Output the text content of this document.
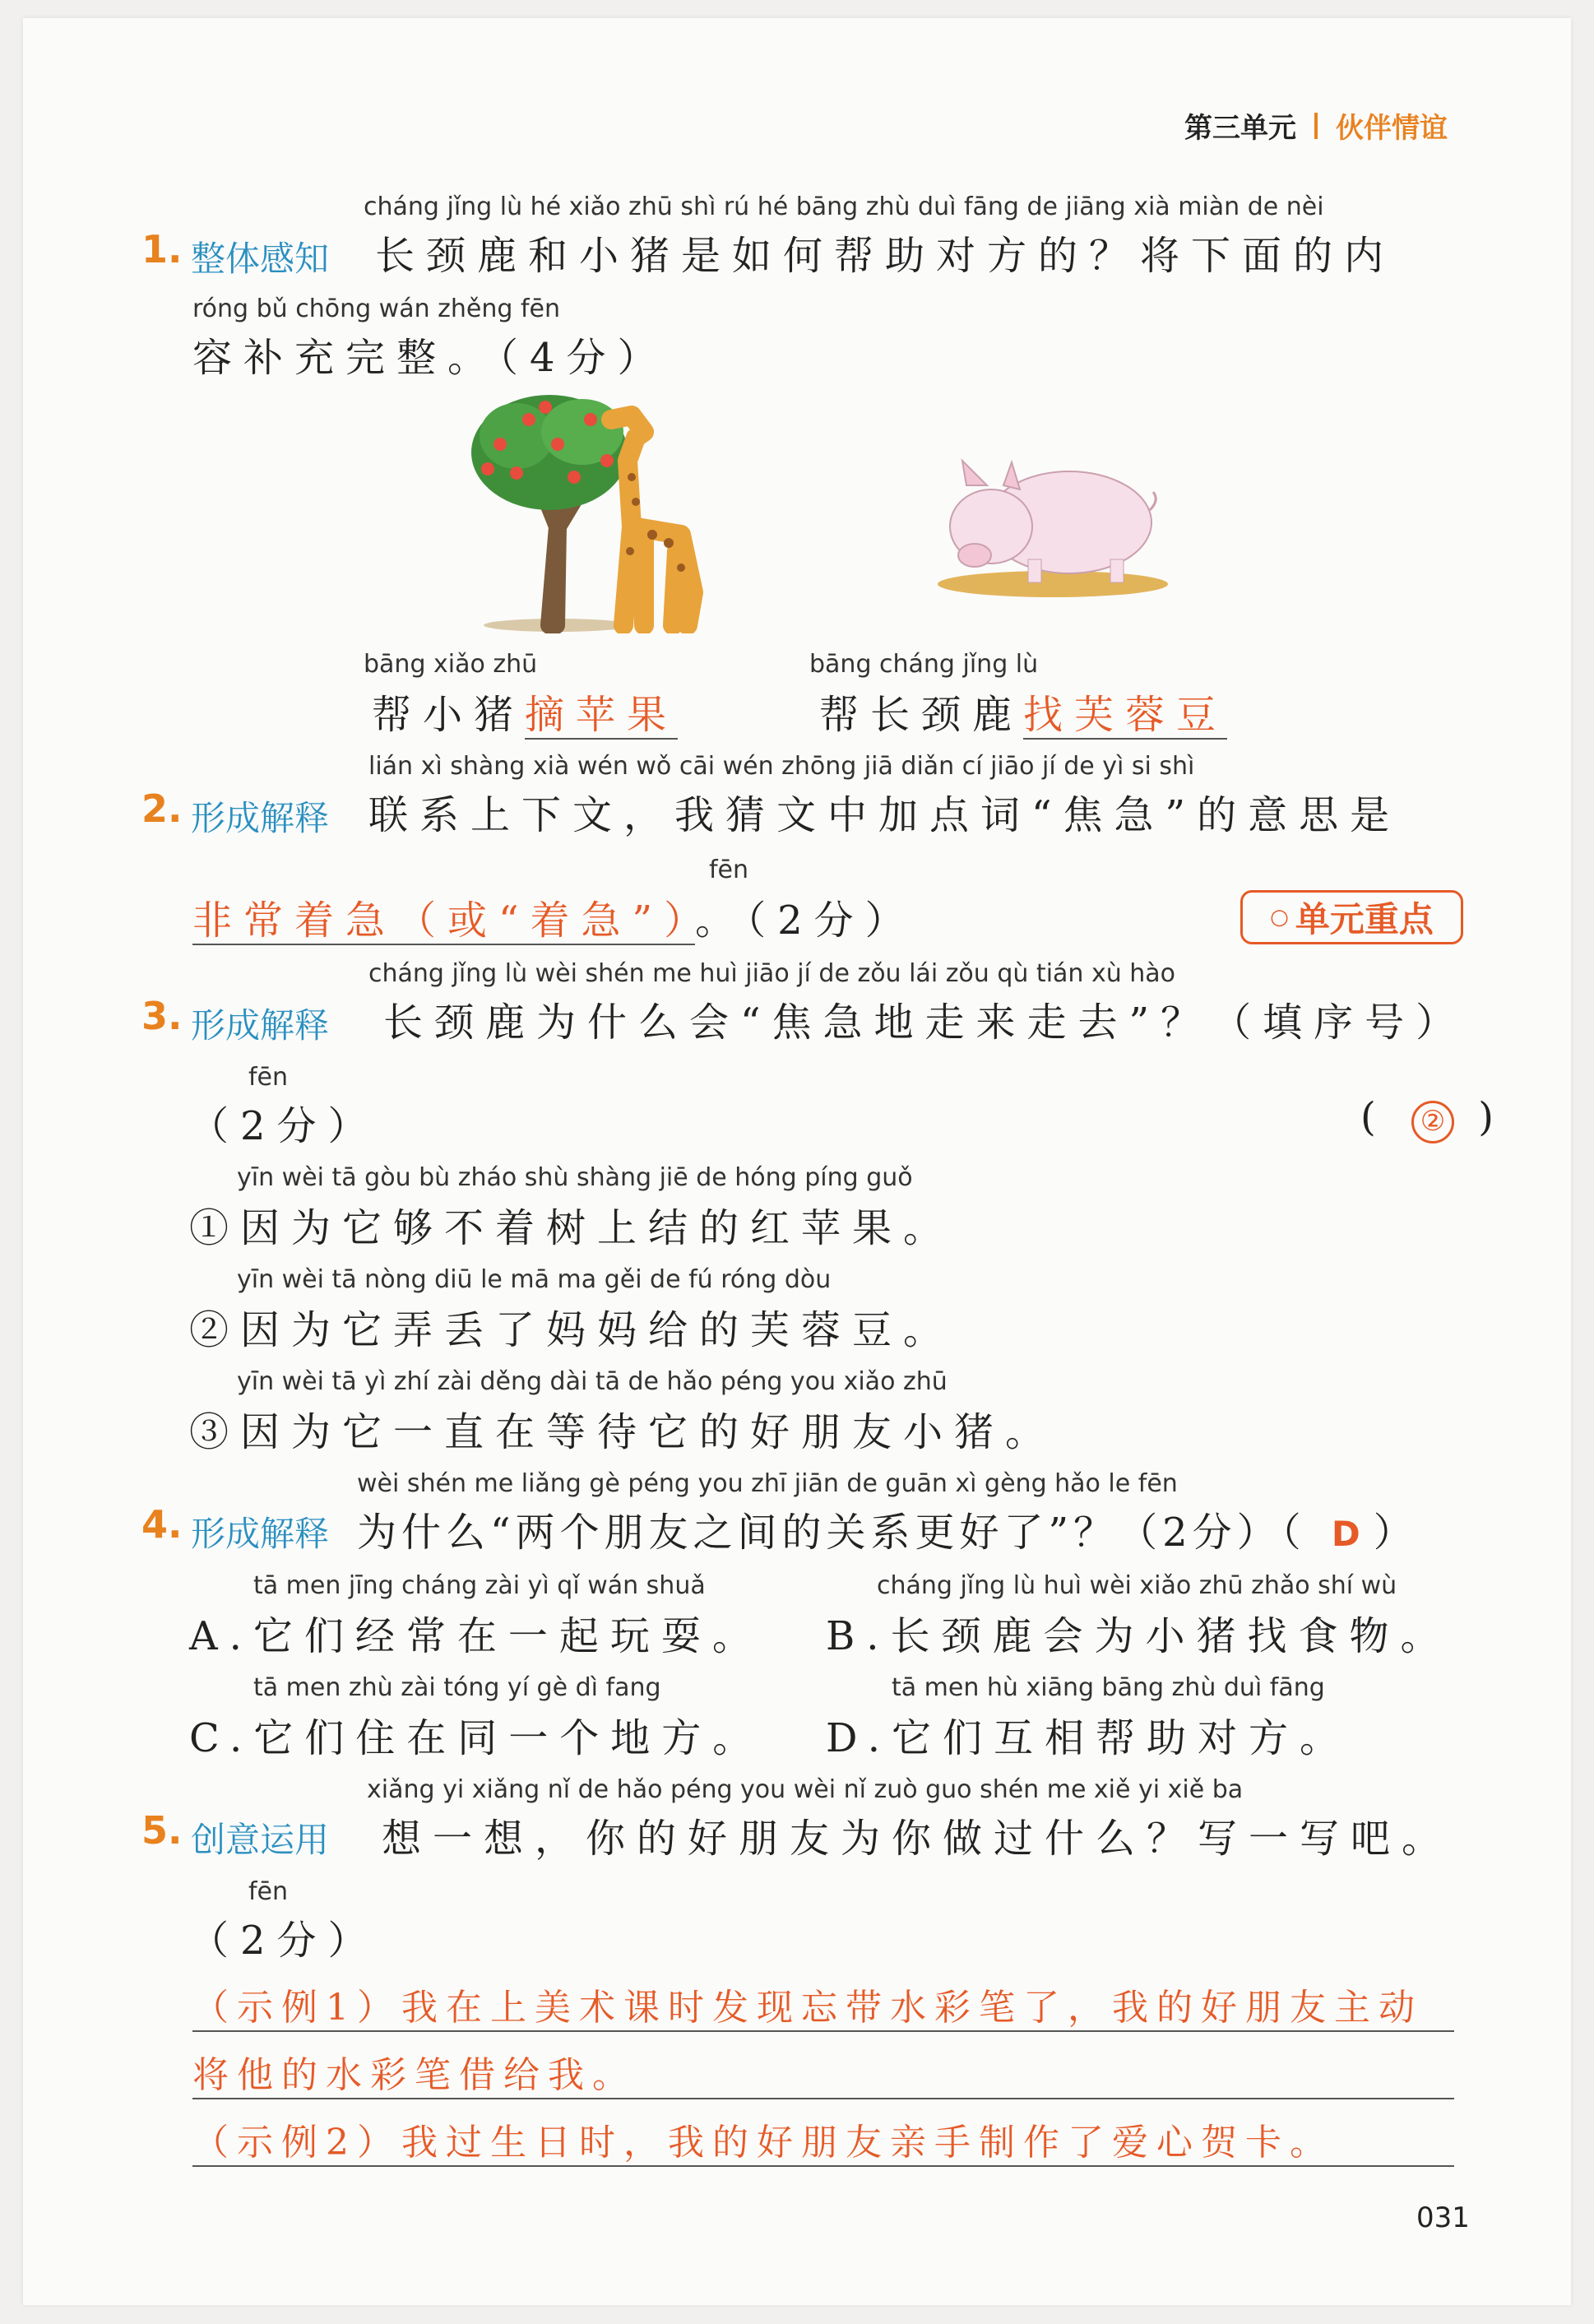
第三单元 伙伴情谊
cháng jǐng lù hé xiǎo zhū shì rú hé bāng zhù duì fāng de jiāng xià miàn de nèi
1. 整体感知 长颈鹿和小猪是如何帮助对方的？将下面的内
róng bǔ chōng wán zhěng fēn
容补充完整。（4分）
bāng xiǎo zhū
帮小猪摘苹果
bāng cháng jǐng lù
帮长颈鹿找芙蓉豆
lián xì shàng xià wén wǒ cāi wén zhōng jiā diǎn cí jiāo jí de yì si shì
2. 形成解释 联系上下文，我猜文中加点词“焦急”的意思是
fēn
非常着急（或“着急”）。（2分）	○ 单元重点
cháng jǐng lù wèi shén me huì jiāo jí de zǒu lái zǒu qù tián xù hào
3. 形成解释 长颈鹿为什么会“焦急地走来走去”？（填序号）
fēn
（2分）	( ② )
yīn wèi tā gòu bù zháo shù shàng jiē de hóng píng guǒ
①因为它够不着树上结的红苹果。
yīn wèi tā nòng diū le mā ma gěi de fú róng dòu
②因为它弄丢了妈妈给的芙蓉豆。
yīn wèi tā yì zhí zài děng dài tā de hǎo péng you xiǎo zhū
③因为它一直在等待它的好朋友小猪。
wèi shén me liǎng gè péng you zhī jiān de guān xì gèng hǎo le fēn
4. 形成解释 为什么“两个朋友之间的关系更好了”？（2分）（ D ）
tā men jīng cháng zài yì qǐ wán shuǎ
A.它们经常在一起玩耍。
cháng jǐng lù huì wèi xiǎo zhū zhǎo shí wù
B.长颈鹿会为小猪找食物。
tā men zhù zài tóng yí gè dì fang
C.它们住在同一个地方。
tā men hù xiāng bāng zhù duì fāng
D.它们互相帮助对方。
xiǎng yi xiǎng nǐ de hǎo péng you wèi nǐ zuò guo shén me xiě yi xiě ba
5. 创意运用 想一想，你的好朋友为你做过什么？写一写吧。
fēn
（2分）
（示例1）我在上美术课时发现忘带水彩笔了，我的好朋友主动
将他的水彩笔借给我。
（示例2）我过生日时，我的好朋友亲手制作了爱心贺卡。
031
